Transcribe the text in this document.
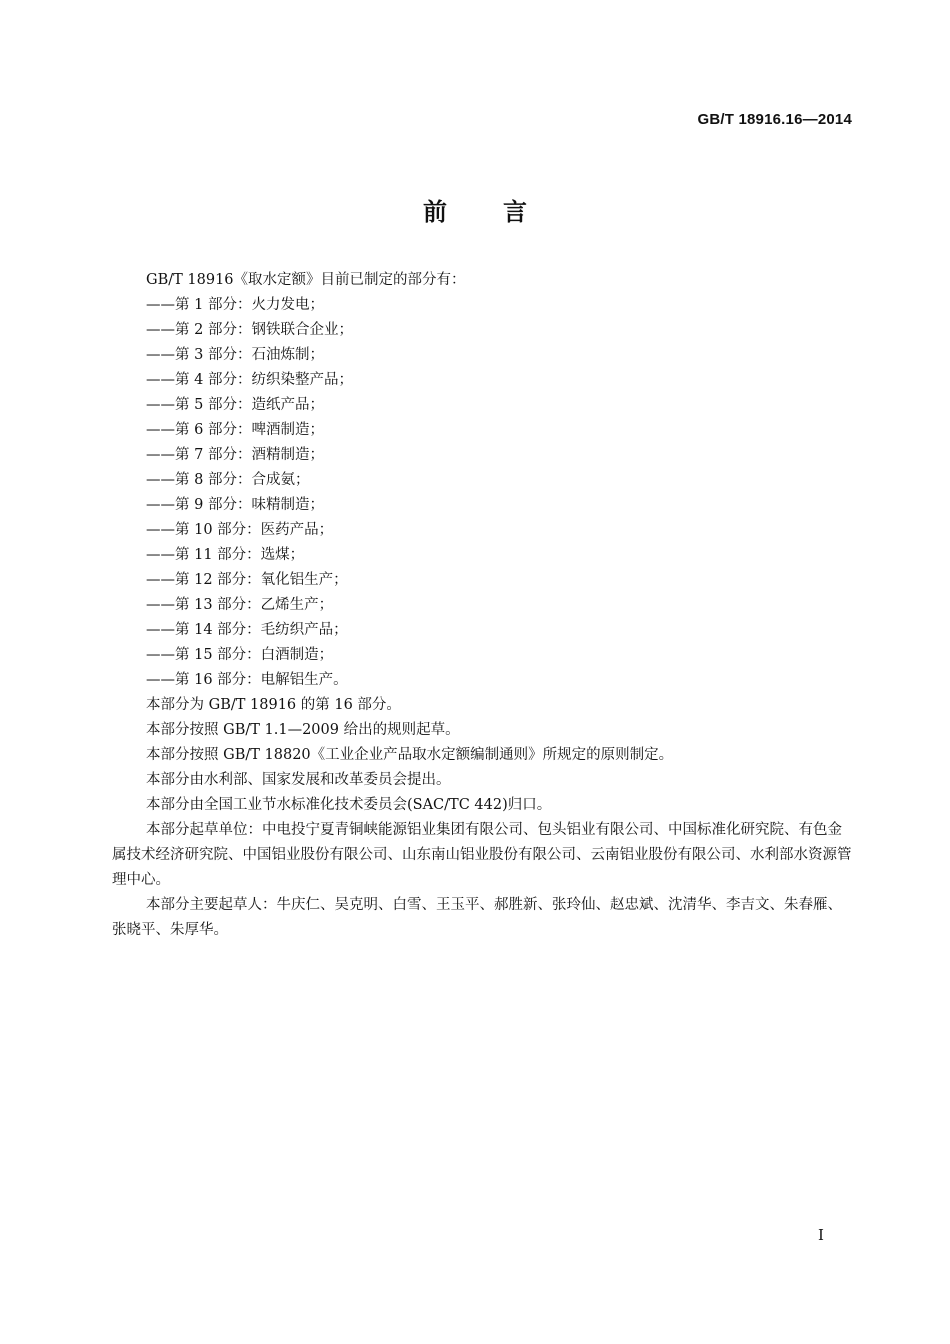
GB/T 18916.16—2014

前言

GB/T 18916《取水定额》目前已制定的部分有：

——第 1 部分：火力发电；
——第 2 部分：钢铁联合企业；
——第 3 部分：石油炼制；
——第 4 部分：纺织染整产品；
——第 5 部分：造纸产品；
——第 6 部分：啤酒制造；
——第 7 部分：酒精制造；
——第 8 部分：合成氨；
——第 9 部分：味精制造；
——第 10 部分：医药产品；
——第 11 部分：选煤；
——第 12 部分：氧化铝生产；
——第 13 部分：乙烯生产；
——第 14 部分：毛纺织产品；
——第 15 部分：白酒制造；
——第 16 部分：电解铝生产。

本部分为 GB/T 18916 的第 16 部分。

本部分按照 GB/T 1.1—2009 给出的规则起草。

本部分按照 GB/T 18820《工业企业产品取水定额编制通则》所规定的原则制定。

本部分由水利部、国家发展和改革委员会提出。

本部分由全国工业节水标准化技术委员会(SAC/TC 442)归口。

本部分起草单位：中电投宁夏青铜峡能源铝业集团有限公司、包头铝业有限公司、中国标准化研究院、有色金属技术经济研究院、中国铝业股份有限公司、山东南山铝业股份有限公司、云南铝业股份有限公司、水利部水资源管理中心。

本部分主要起草人：牛庆仁、吴克明、白雪、王玉平、郝胜新、张玲仙、赵忠斌、沈清华、李吉文、朱春雁、张晓平、朱厚华。

I
